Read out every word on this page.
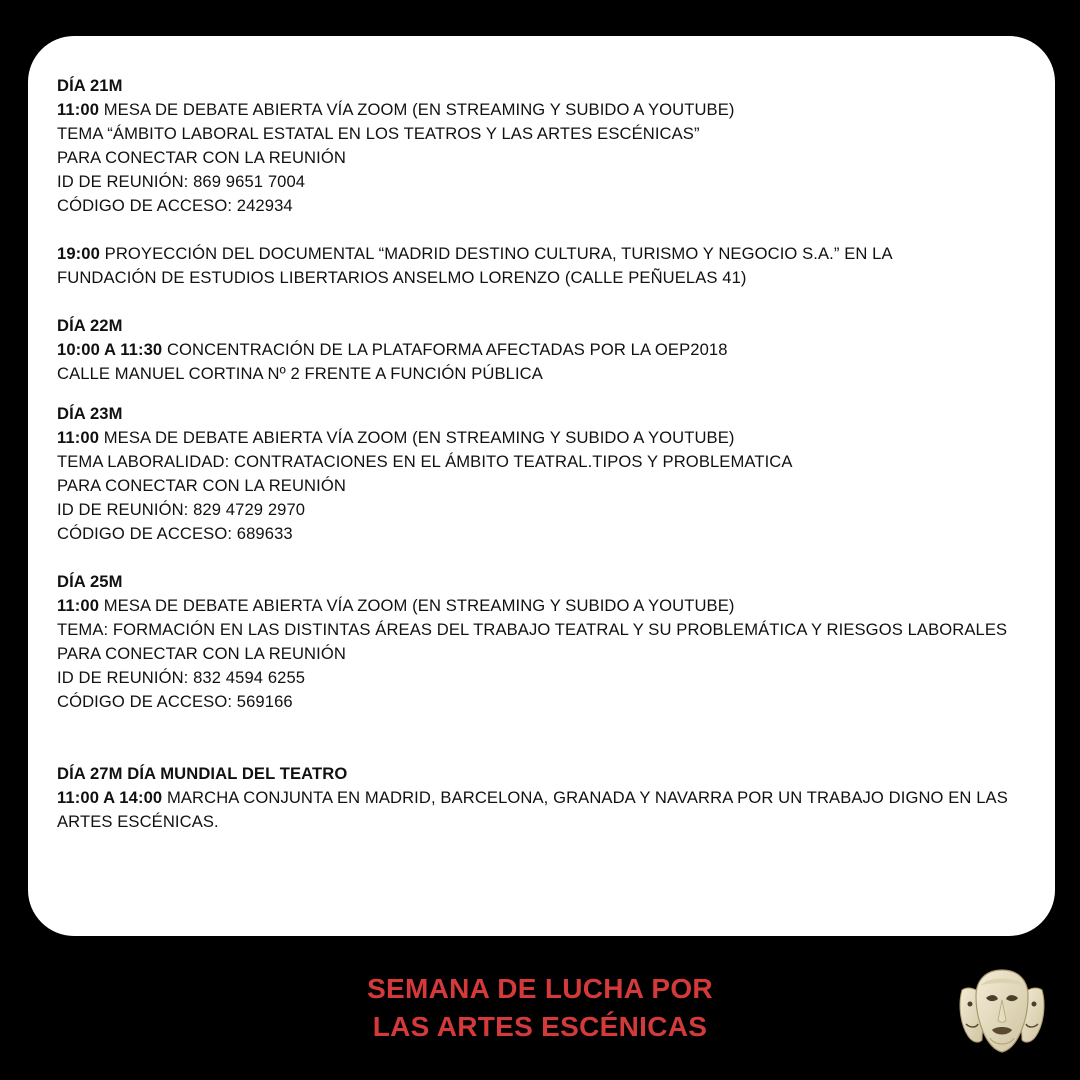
DÍA 21M
11:00 MESA DE DEBATE ABIERTA VÍA ZOOM (EN STREAMING Y SUBIDO A YOUTUBE)
TEMA “ÁMBITO LABORAL ESTATAL EN LOS TEATROS Y LAS ARTES ESCÉNICAS”
PARA CONECTAR CON LA REUNIÓN
ID DE REUNIÓN: 869 9651 7004
CÓDIGO DE ACCESO: 242934
19:00 PROYECCIÓN DEL DOCUMENTAL “MADRID DESTINO CULTURA, TURISMO Y NEGOCIO S.A.” EN LA
FUNDACIÓN DE ESTUDIOS LIBERTARIOS ANSELMO LORENZO (CALLE PEÑUELAS 41)
DÍA 22M
10:00 A 11:30 CONCENTRACIÓN DE LA PLATAFORMA AFECTADAS POR LA OEP2018
CALLE MANUEL CORTINA Nº 2 FRENTE A FUNCIÓN PÚBLICA
DÍA 23M
11:00 MESA DE DEBATE ABIERTA VÍA ZOOM (EN STREAMING Y SUBIDO A YOUTUBE)
TEMA LABORALIDAD: CONTRATACIONES EN EL ÁMBITO TEATRAL.TIPOS Y PROBLEMATICA
PARA CONECTAR CON LA REUNIÓN
ID DE REUNIÓN: 829 4729 2970
CÓDIGO DE ACCESO: 689633
DÍA 25M
11:00 MESA DE DEBATE ABIERTA VÍA ZOOM (EN STREAMING Y SUBIDO A YOUTUBE)
TEMA: FORMACIÓN EN LAS DISTINTAS ÁREAS DEL TRABAJO TEATRAL Y SU PROBLEMÁTICA Y RIESGOS LABORALES
PARA CONECTAR CON LA REUNIÓN
ID DE REUNIÓN: 832 4594 6255
CÓDIGO DE ACCESO: 569166
DÍA 27M DÍA MUNDIAL DEL TEATRO
11:00 A 14:00 MARCHA CONJUNTA EN MADRID, BARCELONA, GRANADA Y NAVARRA POR UN TRABAJO DIGNO EN LAS ARTES ESCÉNICAS.
SEMANA DE LUCHA POR
LAS ARTES ESCÉNICAS
